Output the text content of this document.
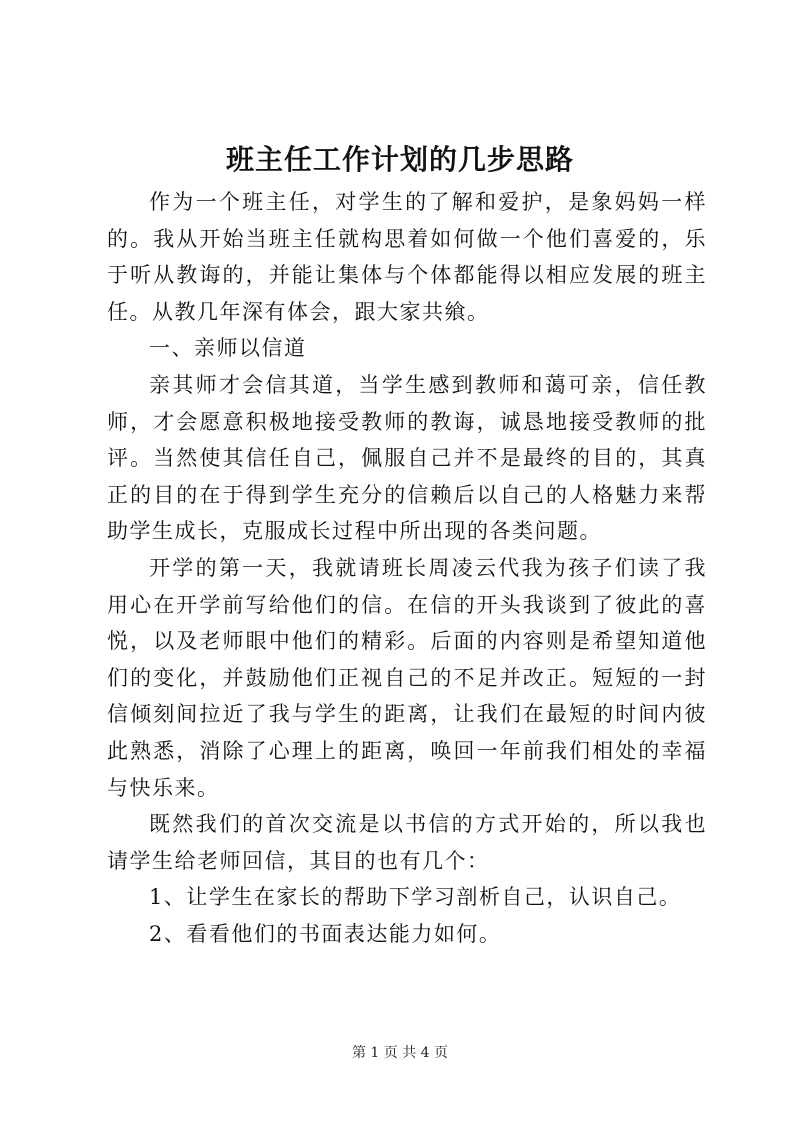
班主任工作计划的几步思路

作为一个班主任，对学生的了解和爱护，是象妈妈一样的。我从开始当班主任就构思着如何做一个他们喜爱的，乐于听从教诲的，并能让集体与个体都能得以相应发展的班主任。从教几年深有体会，跟大家共飨。

一、亲师以信道

亲其师才会信其道，当学生感到教师和蔼可亲，信任教师，才会愿意积极地接受教师的教诲，诚恳地接受教师的批评。当然使其信任自己，佩服自己并不是最终的目的，其真正的目的在于得到学生充分的信赖后以自己的人格魅力来帮助学生成长，克服成长过程中所出现的各类问题。

开学的第一天，我就请班长周凌云代我为孩子们读了我用心在开学前写给他们的信。在信的开头我谈到了彼此的喜悦，以及老师眼中他们的精彩。后面的内容则是希望知道他们的变化，并鼓励他们正视自己的不足并改正。短短的一封信倾刻间拉近了我与学生的距离，让我们在最短的时间内彼此熟悉，消除了心理上的距离，唤回一年前我们相处的幸福与快乐来。

既然我们的首次交流是以书信的方式开始的，所以我也请学生给老师回信，其目的也有几个：

1、让学生在家长的帮助下学习剖析自己，认识自己。

2、看看他们的书面表达能力如何。

第 1 页 共 4 页
